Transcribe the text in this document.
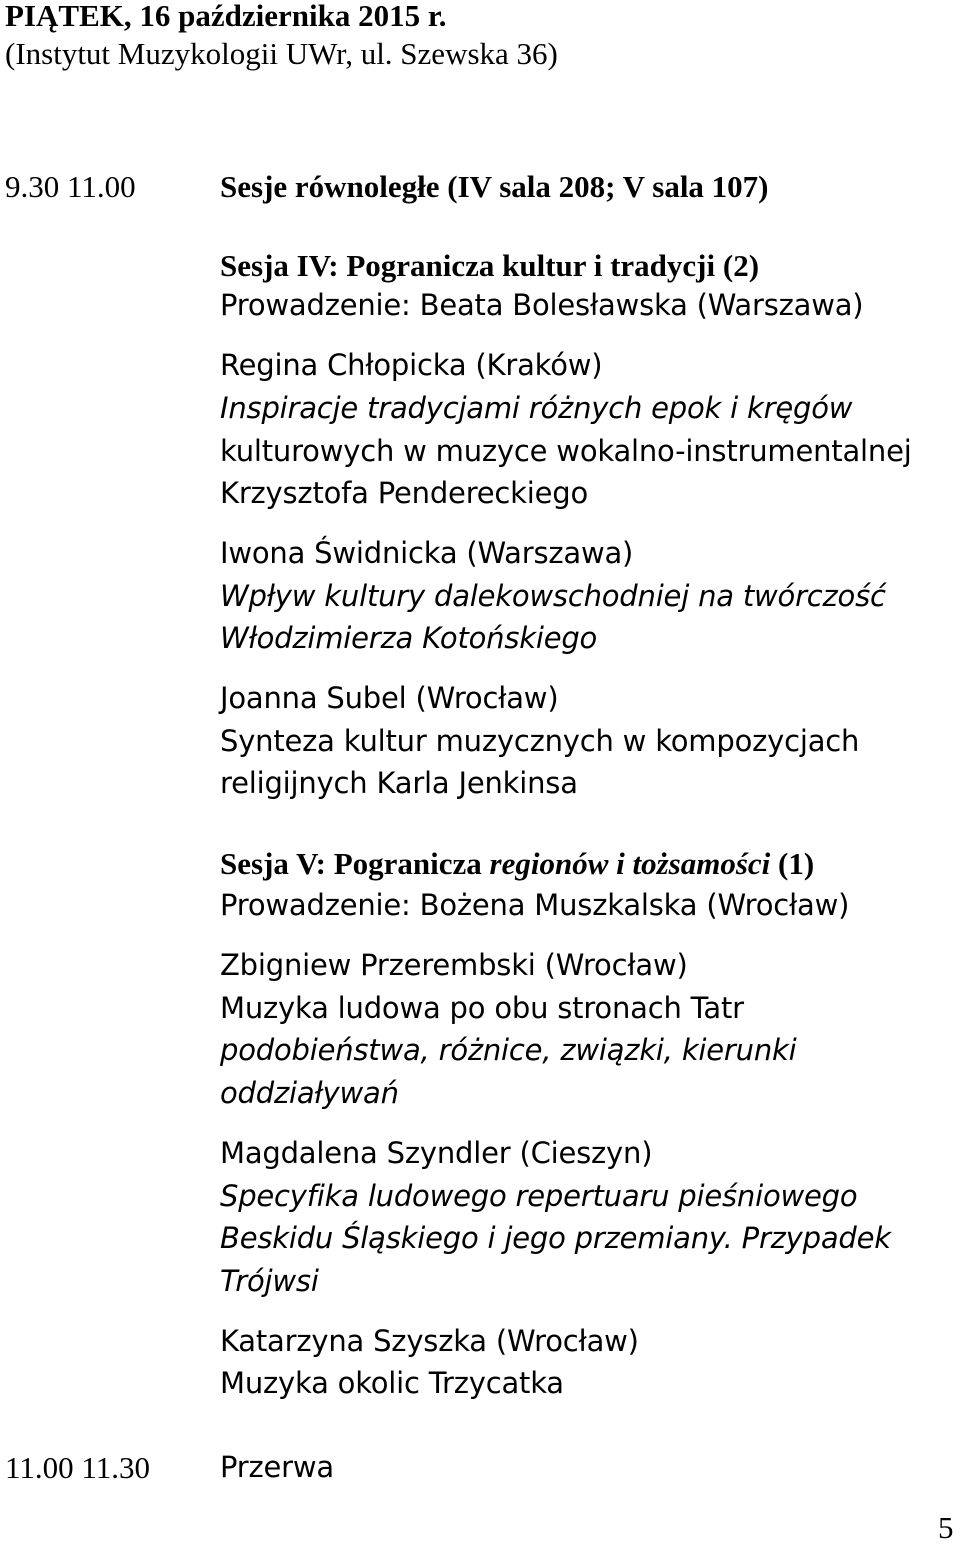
PIĄTEK, 16 października 2015 r.

(Instytut Muzykologii UWr, ul. Szewska 36)

9.30 11.00	Sesje równoległe (IV sala 208; V sala 107)

Sesja IV: Pogranicza kultur i tradycji (2)

Prowadzenie: Beata Bolesławska (Warszawa)

Regina Chłopicka (Kraków)

Inspiracje tradycjami różnych epok i kręgów

kulturowych w muzyce wokalno-instrumentalnej

Krzysztofa Pendereckiego

Iwona Świdnicka (Warszawa)

Wpływ kultury dalekowschodniej na twórczość

Włodzimierza Kotońskiego

Joanna Subel (Wrocław)

Synteza kultur muzycznych w kompozycjach

religijnych Karla Jenkinsa

Sesja V: Pogranicza regionów i tożsamości (1)

Prowadzenie: Bożena Muszkalska (Wrocław)

Zbigniew Przerembski (Wrocław)

Muzyka ludowa po obu stronach Tatr

podobieństwa, różnice, związki, kierunki

oddziaływań

Magdalena Szyndler (Cieszyn)

Specyfika ludowego repertuaru pieśniowego

Beskidu Śląskiego i jego przemiany. Przypadek

Trójwsi

Katarzyna Szyszka (Wrocław)

Muzyka okolic Trzycatka

11.00 11.30 Przerwa

5
